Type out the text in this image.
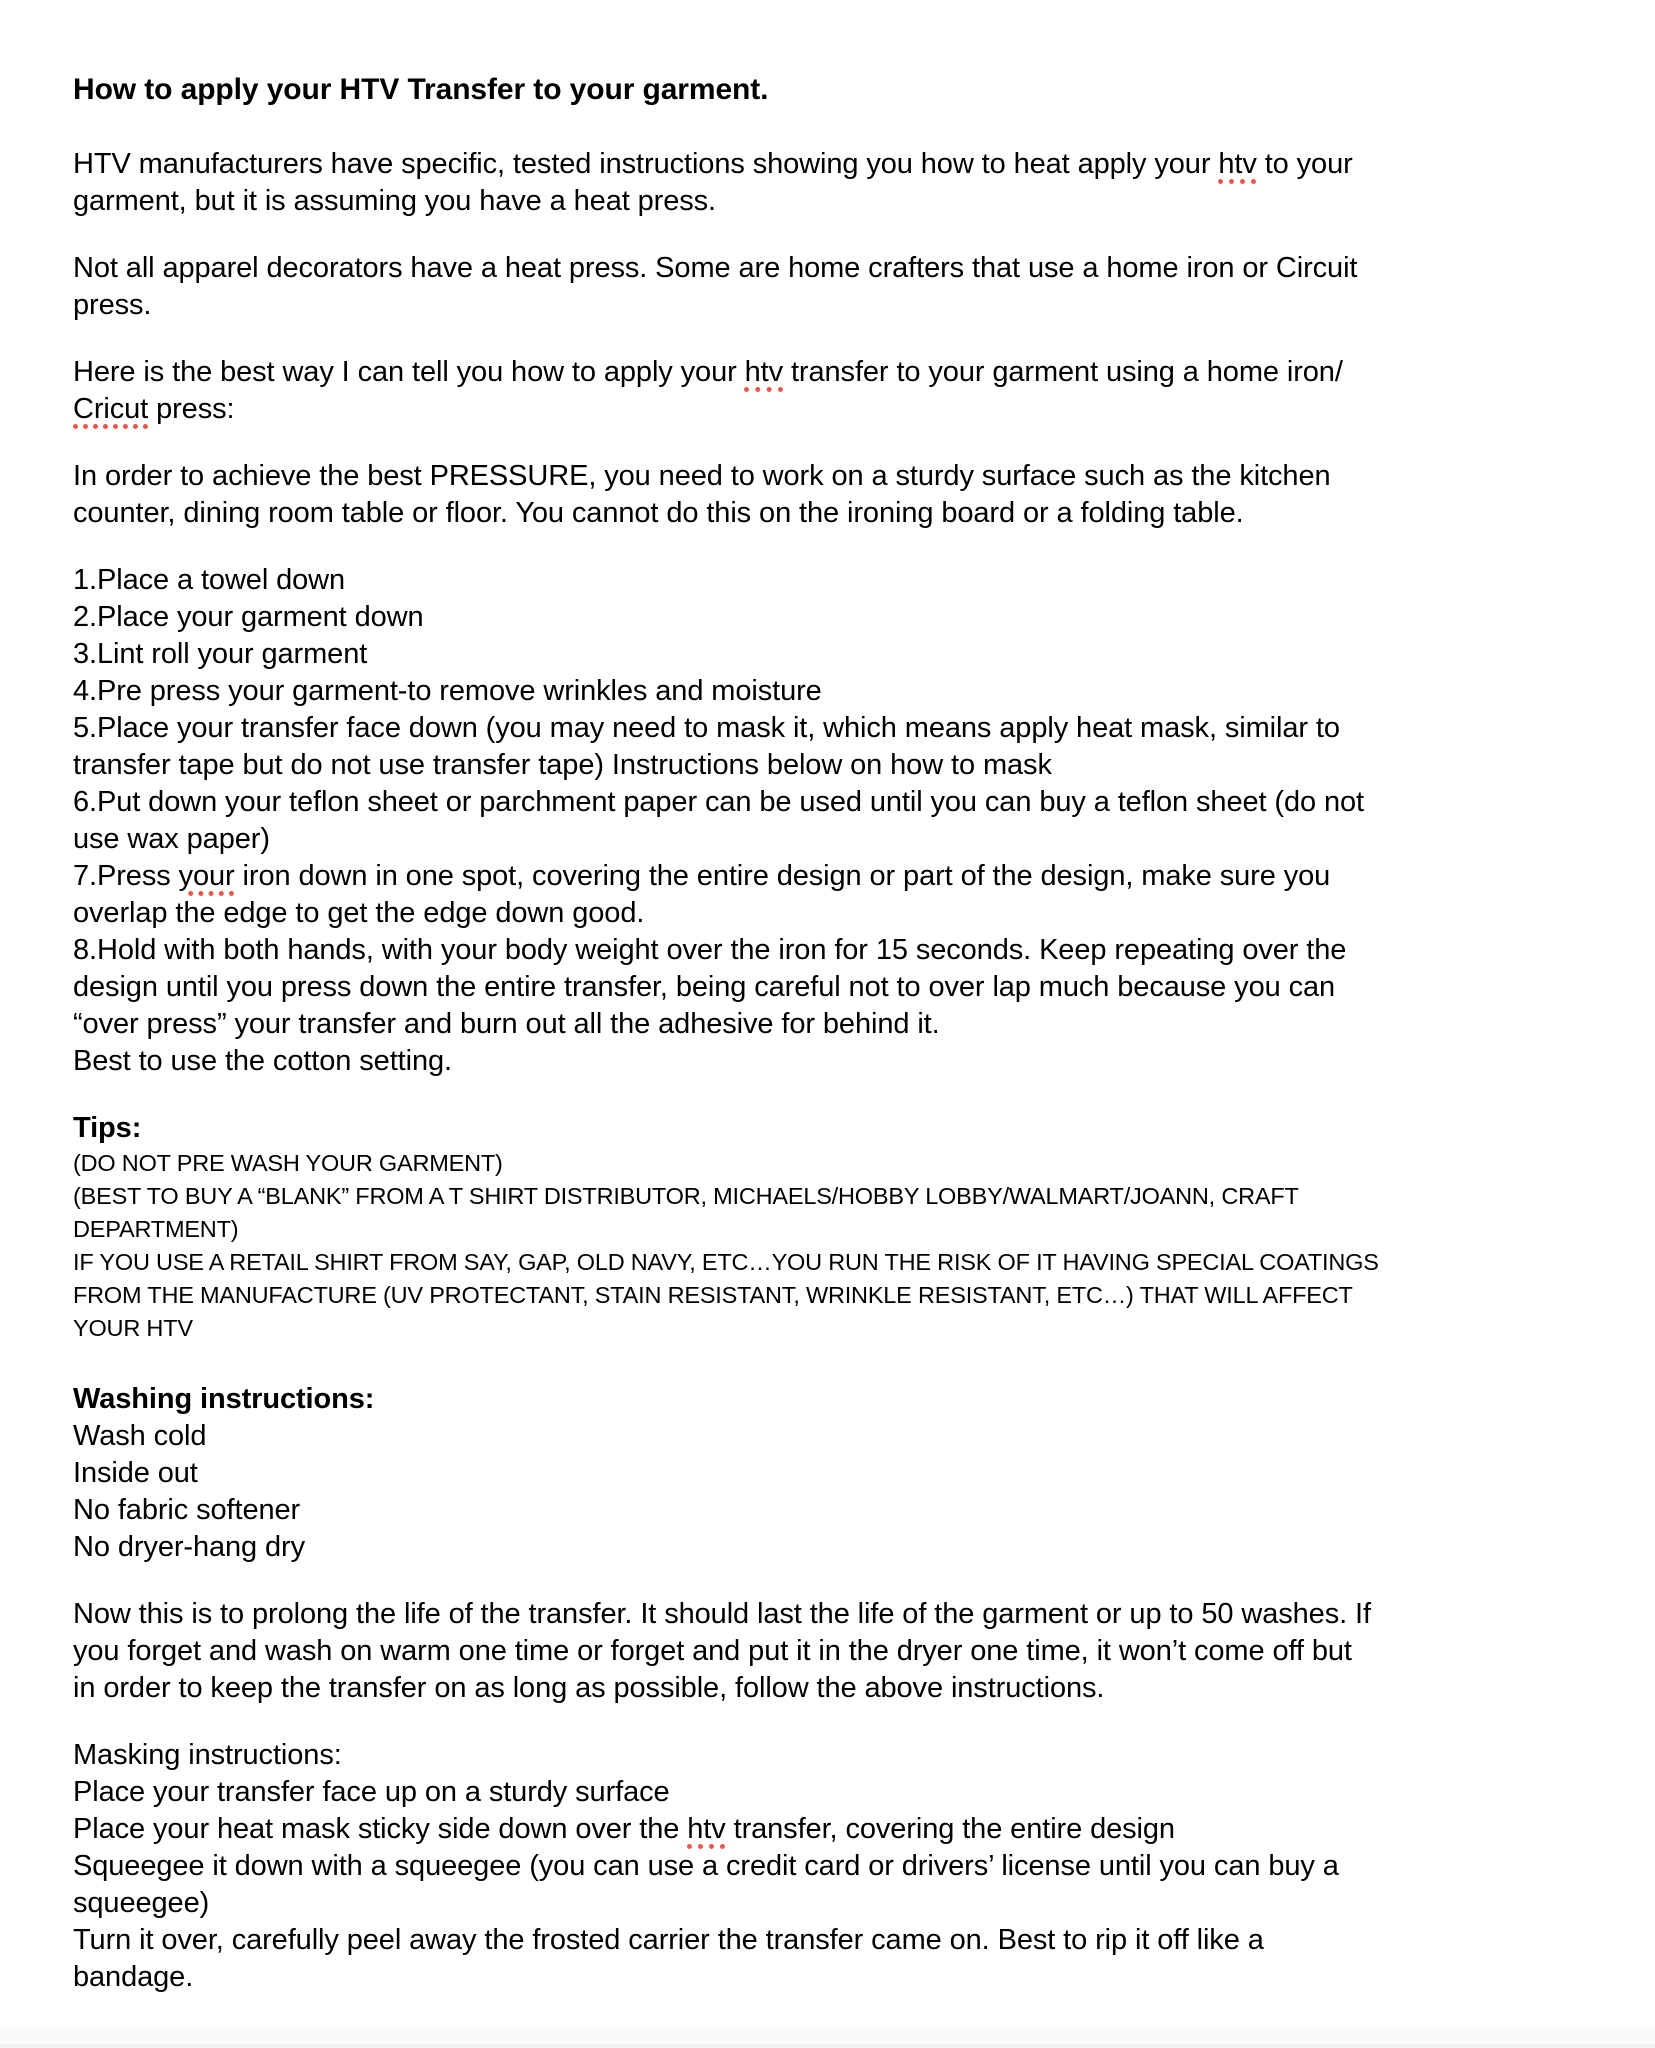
How to apply your HTV Transfer to your garment.

HTV manufacturers have specific, tested instructions showing you how to heat apply your htv to your
garment, but it is assuming you have a heat press.

Not all apparel decorators have a heat press. Some are home crafters that use a home iron or Circuit
press.

Here is the best way I can tell you how to apply your htv transfer to your garment using a home iron/
Cricut press:

In order to achieve the best PRESSURE, you need to work on a sturdy surface such as the kitchen
counter, dining room table or floor. You cannot do this on the ironing board or a folding table.

1.Place a towel down
2.Place your garment down
3.Lint roll your garment
4.Pre press your garment-to remove wrinkles and moisture
5.Place your transfer face down (you may need to mask it, which means apply heat mask, similar to
transfer tape but do not use transfer tape) Instructions below on how to mask
6.Put down your teflon sheet or parchment paper can be used until you can buy a teflon sheet (do not
use wax paper)
7.Press your iron down in one spot, covering the entire design or part of the design, make sure you
overlap the edge to get the edge down good.
8.Hold with both hands, with your body weight over the iron for 15 seconds. Keep repeating over the
design until you press down the entire transfer, being careful not to over lap much because you can
“over press” your transfer and burn out all the adhesive for behind it.
Best to use the cotton setting.

Tips:

(DO NOT PRE WASH YOUR GARMENT)
(BEST TO BUY A “BLANK” FROM A T SHIRT DISTRIBUTOR, MICHAELS/HOBBY LOBBY/WALMART/JOANN, CRAFT
DEPARTMENT)
IF YOU USE A RETAIL SHIRT FROM SAY, GAP, OLD NAVY, ETC…YOU RUN THE RISK OF IT HAVING SPECIAL COATINGS
FROM THE MANUFACTURE (UV PROTECTANT, STAIN RESISTANT, WRINKLE RESISTANT, ETC…) THAT WILL AFFECT
YOUR HTV

Washing instructions:

Wash cold
Inside out
No fabric softener
No dryer-hang dry

Now this is to prolong the life of the transfer. It should last the life of the garment or up to 50 washes. If
you forget and wash on warm one time or forget and put it in the dryer one time, it won’t come off but
in order to keep the transfer on as long as possible, follow the above instructions.

Masking instructions:
Place your transfer face up on a sturdy surface
Place your heat mask sticky side down over the htv transfer, covering the entire design
Squeegee it down with a squeegee (you can use a credit card or drivers’ license until you can buy a
squeegee)
Turn it over, carefully peel away the frosted carrier the transfer came on. Best to rip it off like a
bandage.
